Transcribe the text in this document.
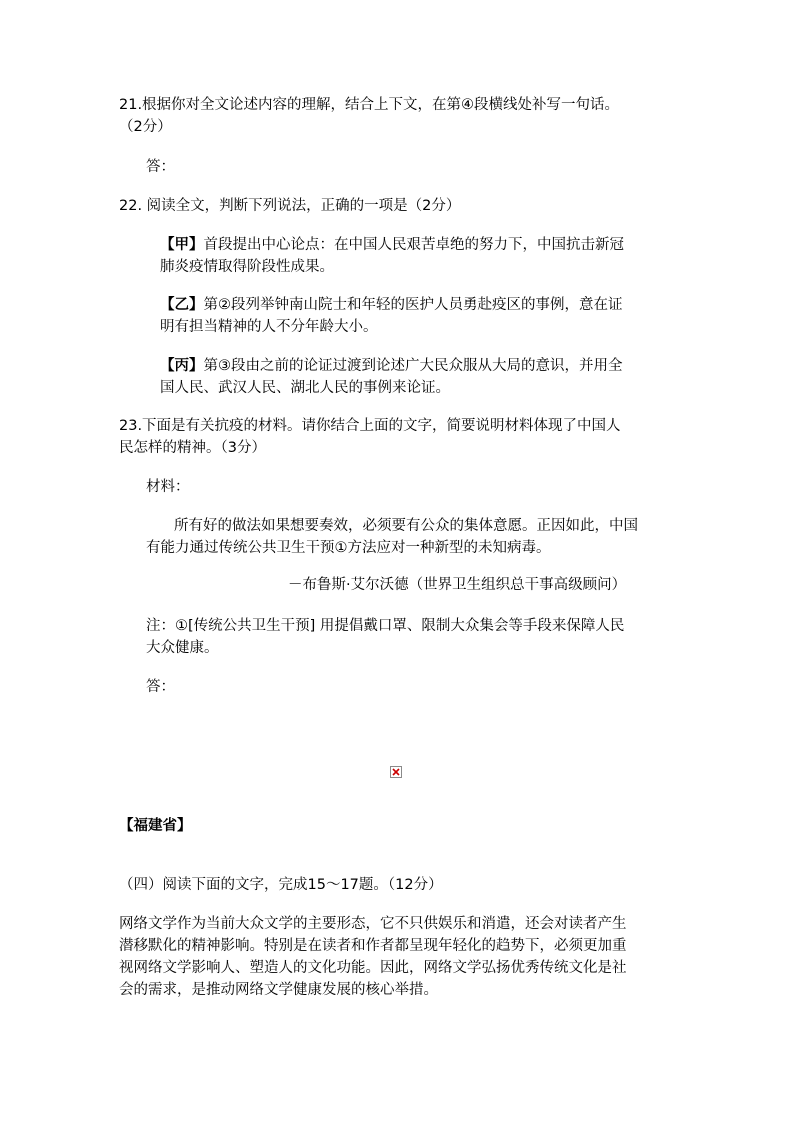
21.根据你对全文论述内容的理解，结合上下文，在第④段横线处补写一句话。

（2分）

答：

22. 阅读全文，判断下列说法，正确的一项是（2分）

【甲】首段提出中心论点：在中国人民艰苦卓绝的努力下，中国抗击新冠

肺炎疫情取得阶段性成果。

【乙】第②段列举钟南山院士和年轻的医护人员勇赴疫区的事例，意在证

明有担当精神的人不分年龄大小。

【丙】第③段由之前的论证过渡到论述广大民众服从大局的意识，并用全

国人民、武汉人民、湖北人民的事例来论证。

23.下面是有关抗疫的材料。请你结合上面的文字，简要说明材料体现了中国人

民怎样的精神。（3分）

材料：

所有好的做法如果想要奏效，必须要有公众的集体意愿。正因如此，中国

有能力通过传统公共卫生干预①方法应对一种新型的未知病毒。

－布鲁斯·艾尔沃德（世界卫生组织总干事高级顾问）

注：①[传统公共卫生干预] 用提倡戴口罩、限制大众集会等手段来保障人民

大众健康。

答：

【福建省】

（四）阅读下面的文字，完成15～17题。（12分）

网络文学作为当前大众文学的主要形态，它不只供娱乐和消遣，还会对读者产生

潜移默化的精神影响。特别是在读者和作者都呈现年轻化的趋势下，必须更加重

视网络文学影响人、塑造人的文化功能。因此，网络文学弘扬优秀传统文化是社

会的需求，是推动网络文学健康发展的核心举措。
